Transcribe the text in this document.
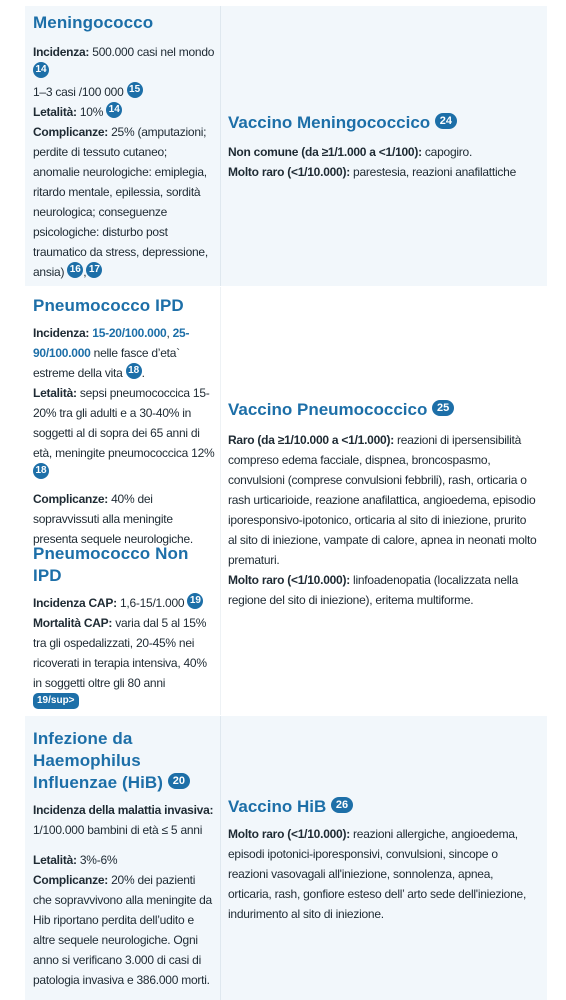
Meningococco
Incidenza: 500.000 casi nel mondo
14
1–3 casi /100 000 15
Letalità: 10% 14
Complicanze: 25% (amputazioni; perdite di tessuto cutaneo; anomalie neurologiche: emiplegia, ritardo mentale, epilessia, sordità neurologica; conseguenze psicologiche: disturbo post traumatico da stress, depressione, ansia) 16 , 17
Vaccino Meningococcico 24
Non comune (da ≥1/1.000 a <1/100): capogiro.
Molto raro (<1/10.000): parestesia, reazioni anafilattiche
Pneumococco IPD
Incidenza: 15-20/100.000, 25-90/100.000 nelle fasce d’eta` estreme della vita 18 .
Letalità: sepsi pneumococcica 15-20% tra gli adulti e a 30-40% in soggetti al di sopra dei 65 anni di età, meningite pneumococcica 12%
18
Complicanze: 40% dei sopravvissuti alla meningite presenta sequele neurologiche.
Pneumococco Non IPD
Incidenza CAP: 1,6-15/1.000 19
Mortalità CAP: varia dal 5 al 15% tra gli ospedalizzati, 20-45% nei ricoverati in terapia intensiva, 40% in soggetti oltre gli 80 anni
19/sup>
Vaccino Pneumococcico 25
Raro (da ≥1/10.000 a <1/1.000): reazioni di ipersensibilità compreso edema facciale, dispnea, broncospasmo, convulsioni (comprese convulsioni febbrili), rash, orticaria o rash urticarioide, reazione anafilattica, angioedema, episodio iporesponsivo-ipotonico, orticaria al sito di iniezione, prurito al sito di iniezione, vampate di calore, apnea in neonati molto prematuri.
Molto raro (<1/10.000): linfoadenopatia (localizzata nella regione del sito di iniezione), eritema multiforme.
Infezione da Haemophilus Influenzae (HiB) 20
Incidenza della malattia invasiva: 1/100.000 bambini di età ≤ 5 anni
Letalità: 3%-6%
Complicanze: 20% dei pazienti che sopravvivono alla meningite da Hib riportano perdita dell’udito e altre sequele neurologiche. Ogni anno si verificano 3.000 di casi di patologia invasiva e 386.000 morti.
Vaccino HiB 26
Molto raro (<1/10.000): reazioni allergiche, angioedema, episodi ipotonici-iporesponsivi, convulsioni, sincope o reazioni vasovagali all'iniezione, sonnolenza, apnea, orticaria, rash, gonfiore esteso dell’ arto sede dell'iniezione, indurimento al sito di iniezione.
